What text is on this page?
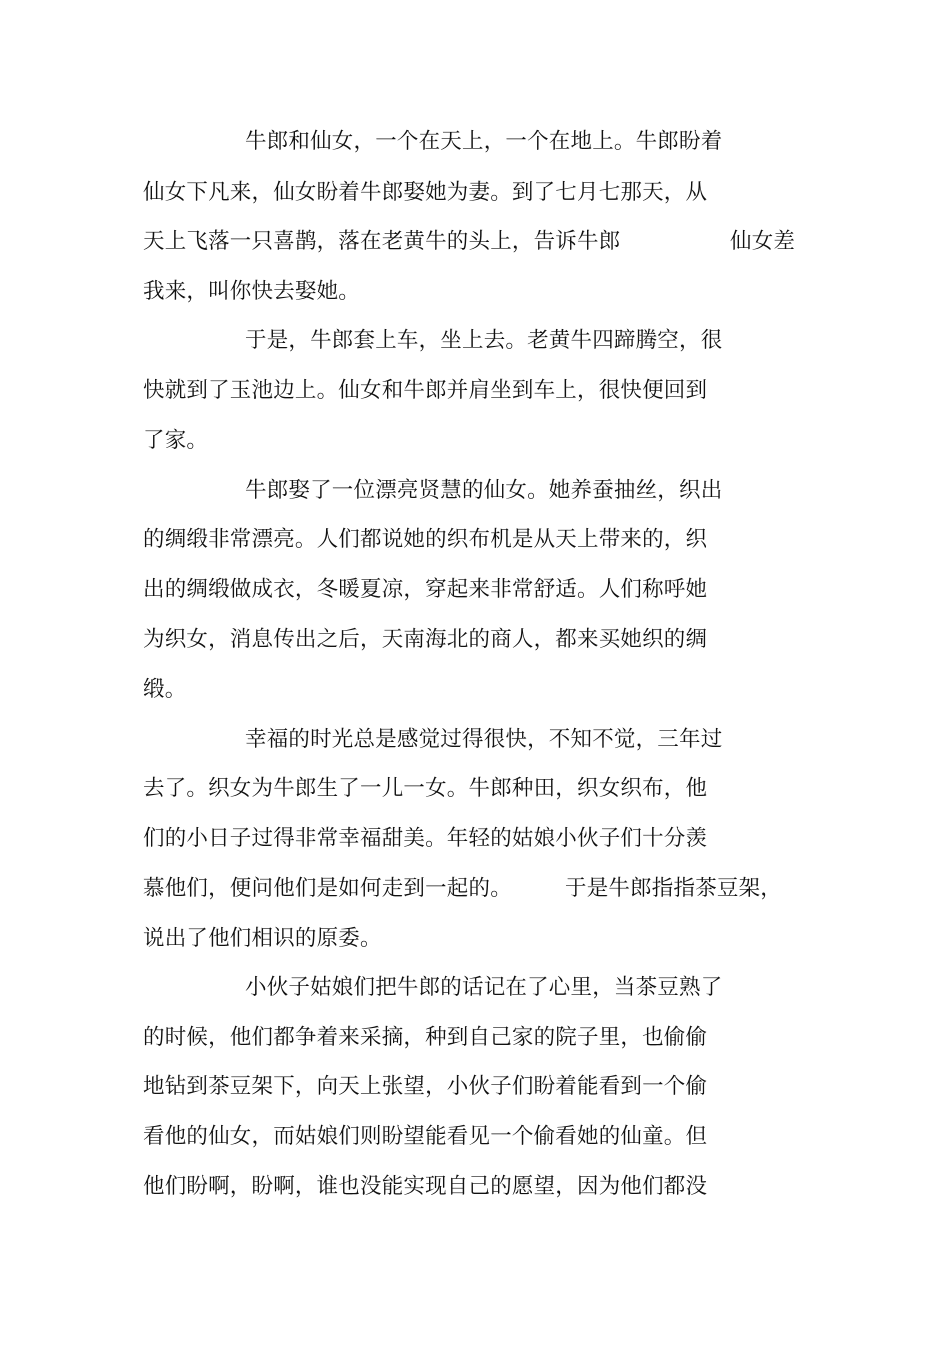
牛郎和仙女，一个在天上，一个在地上。牛郎盼着
仙女下凡来，仙女盼着牛郎娶她为妻。到了七月七那天，从
天上飞落一只喜鹊，落在老黄牛的头上，告诉牛郎	仙女差
我来，叫你快去娶她。
于是，牛郎套上车，坐上去。老黄牛四蹄腾空，很
快就到了玉池边上。仙女和牛郎并肩坐到车上，很快便回到
了家。
牛郎娶了一位漂亮贤慧的仙女。她养蚕抽丝，织出
的绸缎非常漂亮。人们都说她的织布机是从天上带来的，织
出的绸缎做成衣，冬暖夏凉，穿起来非常舒适。人们称呼她
为织女，消息传出之后，天南海北的商人，都来买她织的绸
缎。
幸福的时光总是感觉过得很快，不知不觉，三年过
去了。织女为牛郎生了一儿一女。牛郎种田，织女织布，他
们的小日子过得非常幸福甜美。年轻的姑娘小伙子们十分羡
慕他们，便问他们是如何走到一起的。 于是牛郎指指茶豆架，
说出了他们相识的原委。
小伙子姑娘们把牛郎的话记在了心里，当茶豆熟了
的时候，他们都争着来采摘，种到自己家的院子里，也偷偷
地钻到茶豆架下，向天上张望，小伙子们盼着能看到一个偷
看他的仙女，而姑娘们则盼望能看见一个偷看她的仙童。但
他们盼啊，盼啊，谁也没能实现自己的愿望，因为他们都没
